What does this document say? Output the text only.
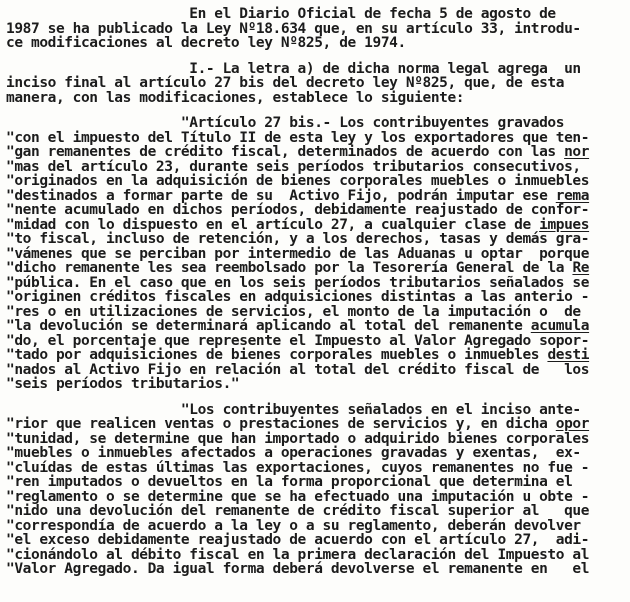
En el Diario Oficial de fecha 5 de agosto de
1987 se ha publicado la Ley Nº18.634 que, en su artículo 33, introdu-
ce modificaciones al decreto ley Nº825, de 1974.
I.- La letra a) de dicha norma legal agrega  un
inciso final al artículo 27 bis del decreto ley Nº825, que, de esta
manera, con las modificaciones, establece lo siguiente:
"Artículo 27 bis.- Los contribuyentes gravados
"con el impuesto del Título II de esta ley y los exportadores que ten-
"gan remanentes de crédito fiscal, determinados de acuerdo con las nor
"mas del artículo 23, durante seis períodos tributarios consecutivos,
"originados en la adquisición de bienes corporales muebles o inmuebles
"destinados a formar parte de su  Activo Fijo, podrán imputar ese rema
"nente acumulado en dichos períodos, debidamente reajustado de confor-
"midad con lo dispuesto en el artículo 27, a cualquier clase de impues
"to fiscal, incluso de retención, y a los derechos, tasas y demás gra-
"vámenes que se perciban por intermedio de las Aduanas u optar  porque
"dicho remanente les sea reembolsado por la Tesorería General de la Re
"pública. En el caso que en los seis períodos tributarios señalados se
"originen créditos fiscales en adquisiciones distintas a las anterio -
"res o en utilizaciones de servicios, el monto de la imputación o  de
"la devolución se determinará aplicando al total del remanente acumula
"do, el porcentaje que represente el Impuesto al Valor Agregado sopor-
"tado por adquisiciones de bienes corporales muebles o inmuebles desti
"nados al Activo Fijo en relación al total del crédito fiscal de   los
"seis períodos tributarios."
"Los contribuyentes señalados en el inciso ante-
"rior que realicen ventas o prestaciones de servicios y, en dicha opor
"tunidad, se determine que han importado o adquirido bienes corporales
"muebles o inmuebles afectados a operaciones gravadas y exentas,  ex-
"cluídas de estas últimas las exportaciones, cuyos remanentes no fue -
"ren imputados o devueltos en la forma proporcional que determina el
"reglamento o se determine que se ha efectuado una imputación u obte -
"nido una devolución del remanente de crédito fiscal superior al   que
"correspondía de acuerdo a la ley o a su reglamento, deberán devolver
"el exceso debidamente reajustado de acuerdo con el artículo 27,  adi-
"cionándolo al débito fiscal en la primera declaración del Impuesto al
"Valor Agregado. Da igual forma deberá devolverse el remanente en   el
